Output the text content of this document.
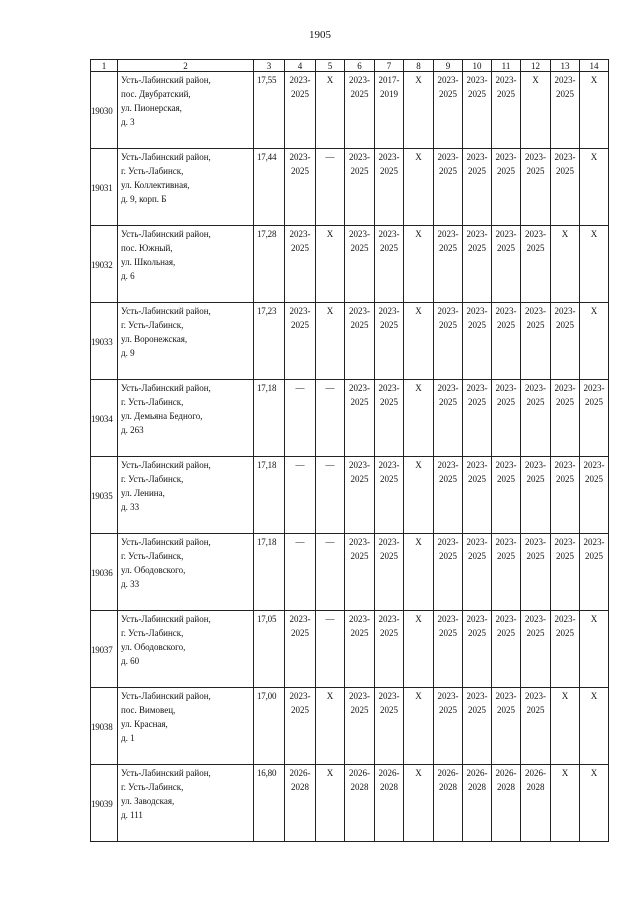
1905
1	2	3	4	5	6	7	8	9	10	11	12	13	14
19030	Усть-Лабинский район,
пос. Двубратский,
ул. Пионерская,
д. 3	17,55	2023-
2025	X	2023-
2025	2017-
2019	X	2023-
2025	2023-
2025	2023-
2025	X	2023-
2025	X
19031	Усть-Лабинский район,
г. Усть-Лабинск,
ул. Коллективная,
д. 9, корп. Б	17,44	2023-
2025	—	2023-
2025	2023-
2025	X	2023-
2025	2023-
2025	2023-
2025	2023-
2025	2023-
2025	X
19032	Усть-Лабинский район,
пос. Южный,
ул. Школьная,
д. 6	17,28	2023-
2025	X	2023-
2025	2023-
2025	X	2023-
2025	2023-
2025	2023-
2025	2023-
2025	X	X
19033	Усть-Лабинский район,
г. Усть-Лабинск,
ул. Воронежская,
д. 9	17,23	2023-
2025	X	2023-
2025	2023-
2025	X	2023-
2025	2023-
2025	2023-
2025	2023-
2025	2023-
2025	X
19034	Усть-Лабинский район,
г. Усть-Лабинск,
ул. Демьяна Бедного,
д. 263	17,18	—	—	2023-
2025	2023-
2025	X	2023-
2025	2023-
2025	2023-
2025	2023-
2025	2023-
2025	2023-
2025

19035	Усть-Лабинский район,
г. Усть-Лабинск,
ул. Ленина,
д. 33	17,18	—	—	2023-
2025	2023-
2025	X	2023-
2025	2023-
2025	2023-
2025	2023-
2025	2023-
2025	2023-
2025

19036	Усть-Лабинский район,
г. Усть-Лабинск,
ул. Ободовского,
д. 33	17,18	—	—	2023-
2025	2023-
2025	X	2023-
2025	2023-
2025	2023-
2025	2023-
2025	2023-
2025	2023-
2025

19037	Усть-Лабинский район,
г. Усть-Лабинск,
ул. Ободовского,
д. 60	17,05	2023-
2025	—	2023-
2025	2023-
2025	X	2023-
2025	2023-
2025	2023-
2025	2023-
2025	2023-
2025	X
19038	Усть-Лабинский район,
пос. Вимовец,
ул. Красная,
д. 1	17,00	2023-
2025	X	2023-
2025	2023-
2025	X	2023-
2025	2023-
2025	2023-
2025	2023-
2025	X	X
19039	Усть-Лабинский район,
г. Усть-Лабинск,
ул. Заводская,
д. 111	16,80	2026-
2028	X	2026-
2028	2026-
2028	X	2026-
2028	2026-
2028	2026-
2028	2026-
2028	X	X
